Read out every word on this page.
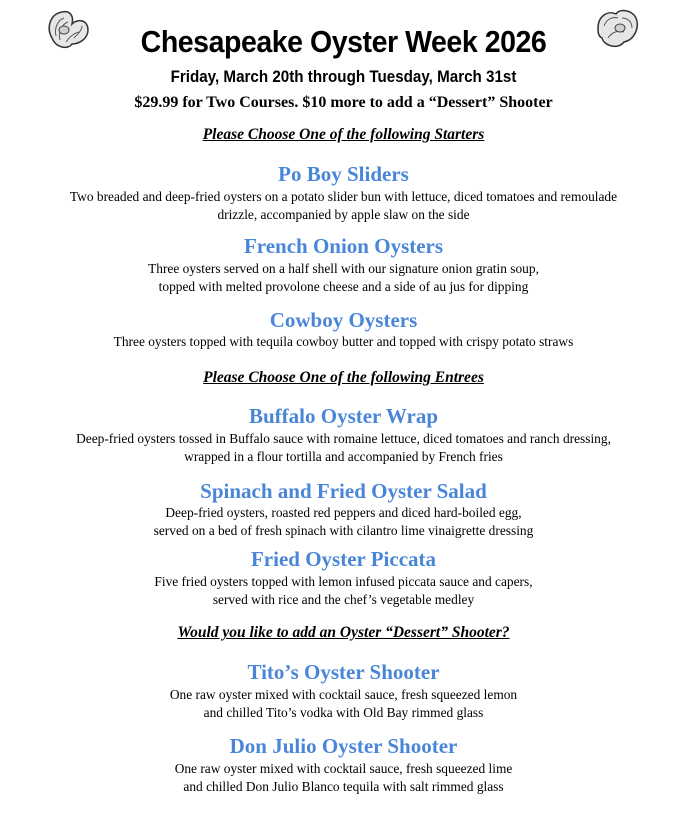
Chesapeake Oyster Week 2026
Friday, March 20th through Tuesday, March 31st
$29.99 for Two Courses. $10 more to add a “Dessert” Shooter
Please Choose One of the following Starters
Po Boy Sliders
Two breaded and deep-fried oysters on a potato slider bun with lettuce, diced tomatoes and remoulade
drizzle, accompanied by apple slaw on the side
French Onion Oysters
Three oysters served on a half shell with our signature onion gratin soup,
topped with melted provolone cheese and a side of au jus for dipping
Cowboy Oysters
Three oysters topped with tequila cowboy butter and topped with crispy potato straws
Please Choose One of the following Entrees
Buffalo Oyster Wrap
Deep-fried oysters tossed in Buffalo sauce with romaine lettuce, diced tomatoes and ranch dressing,
wrapped in a flour tortilla and accompanied by French fries
Spinach and Fried Oyster Salad
Deep-fried oysters, roasted red peppers and diced hard-boiled egg,
served on a bed of fresh spinach with cilantro lime vinaigrette dressing
Fried Oyster Piccata
Five fried oysters topped with lemon infused piccata sauce and capers,
served with rice and the chef’s vegetable medley
Would you like to add an Oyster “Dessert” Shooter?
Tito’s Oyster Shooter
One raw oyster mixed with cocktail sauce, fresh squeezed lemon
and chilled Tito’s vodka with Old Bay rimmed glass
Don Julio Oyster Shooter
One raw oyster mixed with cocktail sauce, fresh squeezed lime
and chilled Don Julio Blanco tequila with salt rimmed glass
